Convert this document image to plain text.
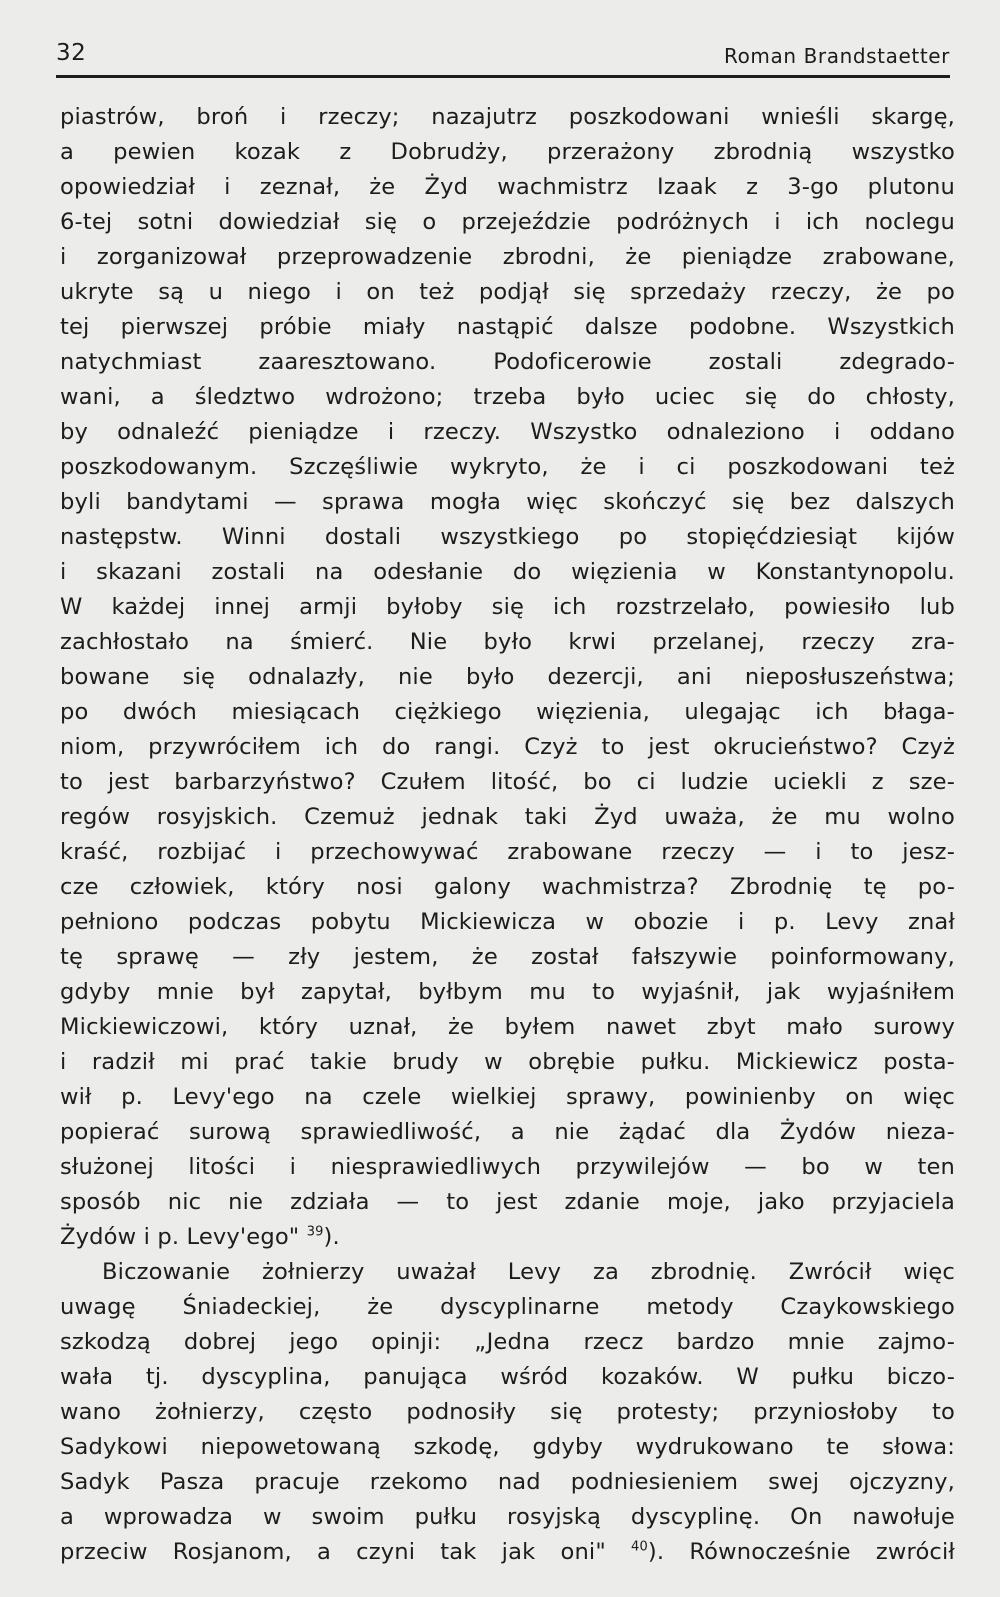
32	Roman Brandstaetter
piastrów, broń i rzeczy; nazajutrz poszkodowani wnieśli skargę,
a pewien kozak z Dobrudży, przerażony zbrodnią wszystko
opowiedział i zeznał, że Żyd wachmistrz Izaak z 3-go plutonu
6-tej sotni dowiedział się o przejeździe podróżnych i ich noclegu
i zorganizował przeprowadzenie zbrodni, że pieniądze zrabowane,
ukryte są u niego i on też podjął się sprzedaży rzeczy, że po
tej pierwszej próbie miały nastąpić dalsze podobne. Wszystkich
natychmiast zaaresztowano. Podoficerowie zostali zdegrado-
wani, a śledztwo wdrożono; trzeba było uciec się do chłosty,
by odnaleźć pieniądze i rzeczy. Wszystko odnaleziono i oddano
poszkodowanym. Szczęśliwie wykryto, że i ci poszkodowani też
byli bandytami — sprawa mogła więc skończyć się bez dalszych
następstw. Winni dostali wszystkiego po stopięćdziesiąt kijów
i skazani zostali na odesłanie do więzienia w Konstantynopolu.
W każdej innej armji byłoby się ich rozstrzelało, powiesiło lub
zachłostało na śmierć. Nie było krwi przelanej, rzeczy zra-
bowane się odnalazły, nie było dezercji, ani nieposłuszeństwa;
po dwóch miesiącach ciężkiego więzienia, ulegając ich błaga-
niom, przywróciłem ich do rangi. Czyż to jest okrucieństwo? Czyż
to jest barbarzyństwo? Czułem litość, bo ci ludzie uciekli z sze-
regów rosyjskich. Czemuż jednak taki Żyd uważa, że mu wolno
kraść, rozbijać i przechowywać zrabowane rzeczy — i to jesz-
cze człowiek, który nosi galony wachmistrza? Zbrodnię tę po-
pełniono podczas pobytu Mickiewicza w obozie i p. Levy znał
tę sprawę — zły jestem, że został fałszywie poinformowany,
gdyby mnie był zapytał, byłbym mu to wyjaśnił, jak wyjaśniłem
Mickiewiczowi, który uznał, że byłem nawet zbyt mało surowy
i radził mi prać takie brudy w obrębie pułku. Mickiewicz posta-
wił p. Levy'ego na czele wielkiej sprawy, powinienby on więc
popierać surową sprawiedliwość, a nie żądać dla Żydów nieza-
służonej litości i niesprawiedliwych przywilejów — bo w ten
sposób nic nie zdziała — to jest zdanie moje, jako przyjaciela
Żydów i p. Levy'ego" $^{39}$).
Biczowanie żołnierzy uważał Levy za zbrodnię. Zwrócił więc
uwagę Śniadeckiej, że dyscyplinarne metody Czaykowskiego
szkodzą dobrej jego opinji: „Jedna rzecz bardzo mnie zajmo-
wała tj. dyscyplina, panująca wśród kozaków. W pułku biczo-
wano żołnierzy, często podnosiły się protesty; przyniosłoby to
Sadykowi niepowetowaną szkodę, gdyby wydrukowano te słowa:
Sadyk Pasza pracuje rzekomo nad podniesieniem swej ojczyzny,
a wprowadza w swoim pułku rosyjską dyscyplinę. On nawołuje
przeciw Rosjanom, a czyni tak jak oni" $^{40}$). Równocześnie zwrócił
